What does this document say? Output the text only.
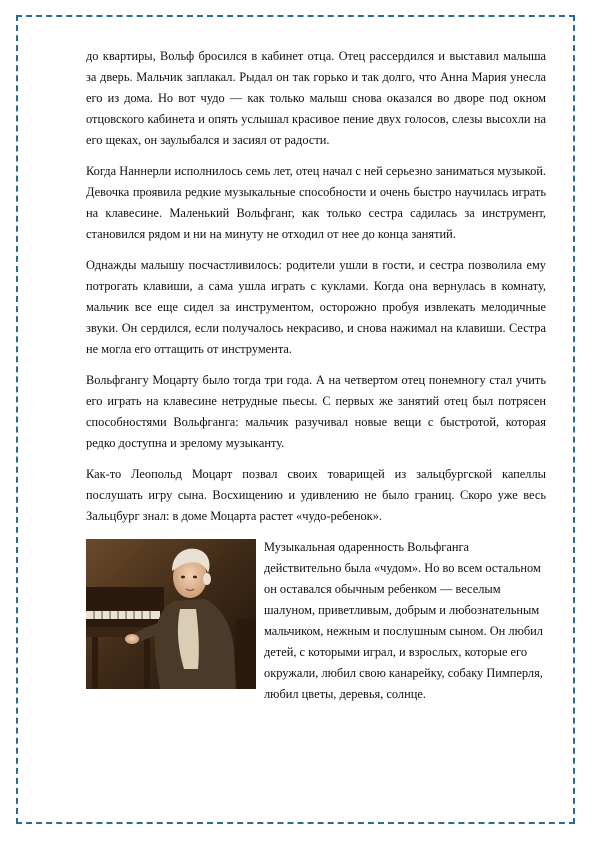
до квартиры, Вольф бросился в кабинет отца. Отец рассердился и выставил малыша за дверь. Мальчик заплакал. Рыдал он так горько и так долго, что Анна Мария унесла его из дома. Но вот чудо — как только малыш снова оказался во дворе под окном отцовского кабинета и опять услышал красивое пение двух голосов, слезы высохли на его щеках, он заулыбался и засиял от радости.

Когда Наннерли исполнилось семь лет, отец начал с ней серьезно заниматься музыкой. Девочка проявила редкие музыкальные способности и очень быстро научилась играть на клавесине. Маленький Вольфганг, как только сестра садилась за инструмент, становился рядом и ни на минуту не отходил от нее до конца занятий.

Однажды малышу посчастливилось: родители ушли в гости, и сестра позволила ему потрогать клавиши, а сама ушла играть с куклами. Когда она вернулась в комнату, мальчик все еще сидел за инструментом, осторожно пробуя извлекать мелодичные звуки. Он сердился, если получалось некрасиво, и снова нажимал на клавиши. Сестра не могла его оттащить от инструмента.

Вольфгангу Моцарту было тогда три года. А на четвертом отец понемногу стал учить его играть на клавесине нетрудные пьесы. С первых же занятий отец был потрясен способностями Вольфганга: мальчик разучивал новые вещи с быстротой, которая редко доступна и зрелому музыканту.

Как-то Леопольд Моцарт позвал своих товарищей из зальцбургской капеллы послушать игру сына. Восхищению и удивлению не было границ. Скоро уже весь Зальцбург знал: в доме Моцарта растет «чудо-ребенок».

Музыкальная одаренность Вольфганга действительно была «чудом». Но во всем остальном он оставался обычным ребенком — веселым шалуном, приветливым, добрым и любознательным мальчиком, нежным и послушным сыном. Он любил детей, с которыми играл, и взрослых, которые его окружали, любил свою канарейку, собаку Пимперля, любил цветы, деревья, солнце.
